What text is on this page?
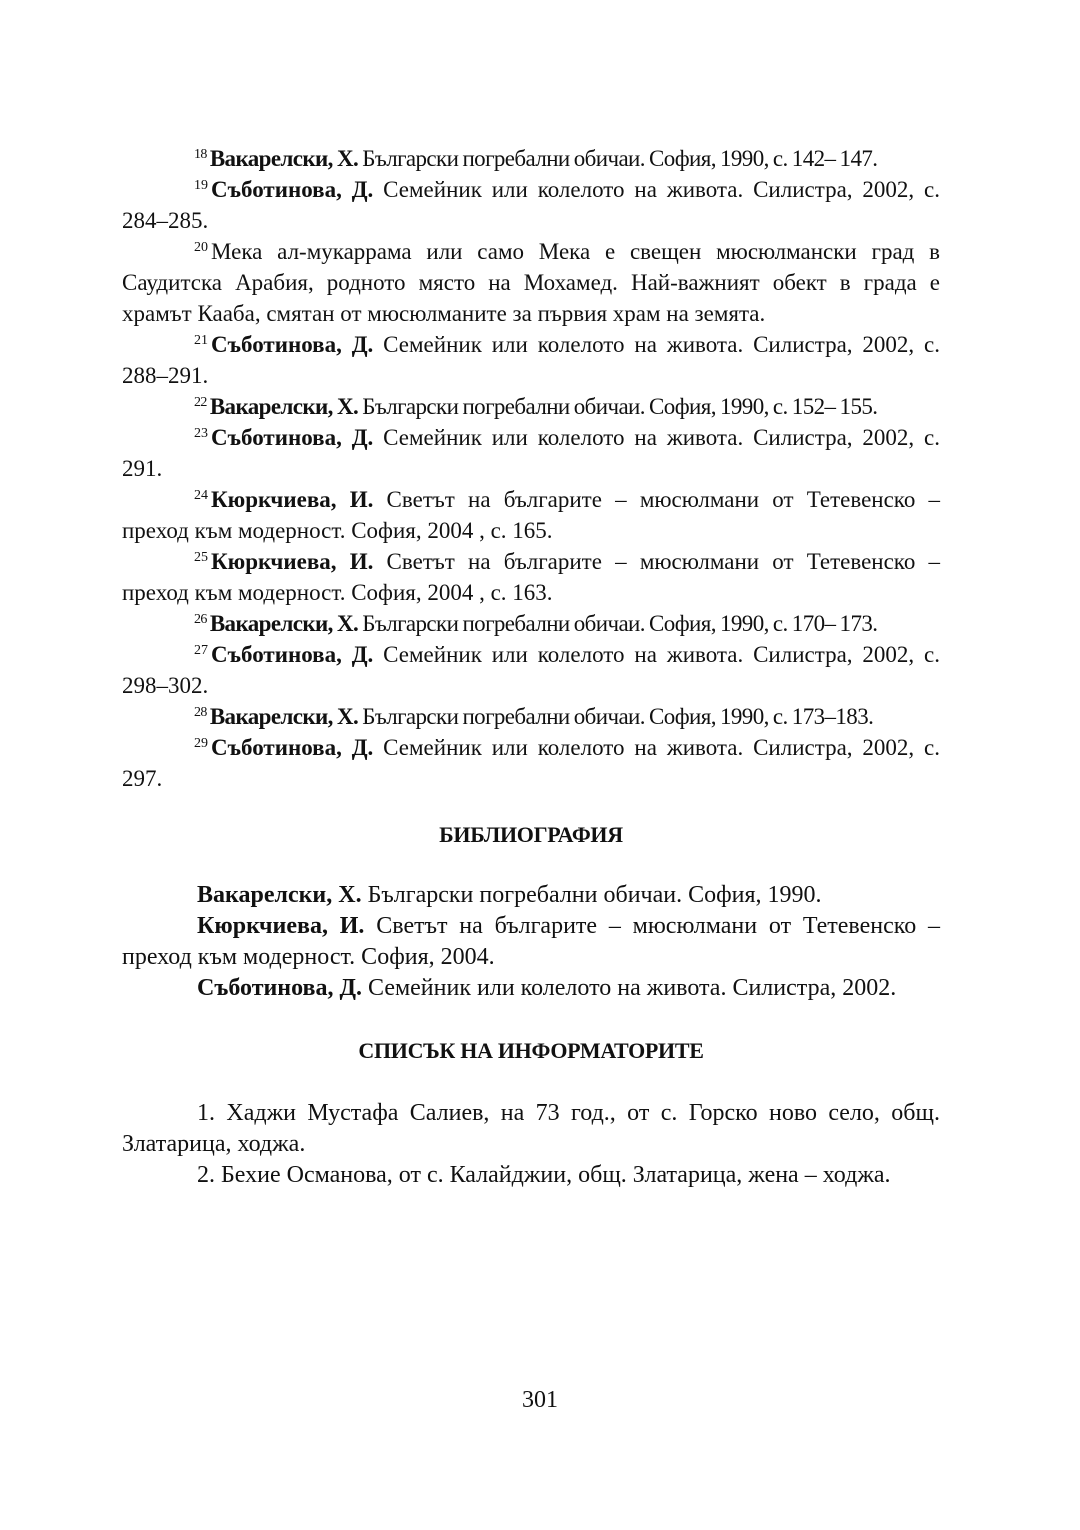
$^{18}$ Вакарелски, Х. Български погребални обичаи. София, 1990, с. 142– 147.

$^{19}$ Съботинова, Д. Семейник или колелото на живота. Силистра, 2002, с. 284–285.

$^{20}$ Мека ал-мукаррама или само Мека е свещен мюсюлмански град в Саудитска Арабия, родното място на Мохамед. Най-важният обект в града е храмът Кааба, смятан от мюсюлманите за първия храм на земята.

$^{21}$ Съботинова, Д. Семейник или колелото на живота. Силистра, 2002, с. 288–291.

$^{22}$ Вакарелски, Х. Български погребални обичаи. София, 1990, с. 152– 155.

$^{23}$ Съботинова, Д. Семейник или колелото на живота. Силистра, 2002, с. 291.

$^{24}$ Кюркчиева, И. Светът на българите – мюсюлмани от Тетевенско – преход към модерност. София, 2004 , с. 165.

$^{25}$ Кюркчиева, И. Светът на българите – мюсюлмани от Тетевенско – преход към модерност. София, 2004 , с. 163.

$^{26}$ Вакарелски, Х. Български погребални обичаи. София, 1990, с. 170– 173.

$^{27}$ Съботинова, Д. Семейник или колелото на живота. Силистра, 2002, с. 298–302.

$^{28}$ Вакарелски, Х. Български погребални обичаи. София, 1990, с. 173–183.

$^{29}$ Съботинова, Д. Семейник или колелото на живота. Силистра, 2002, с. 297.

БИБЛИОГРАФИЯ

Вакарелски, Х. Български погребални обичаи. София, 1990.

Кюркчиева, И. Светът на българите – мюсюлмани от Тетевенско – преход към модерност. София, 2004.

Съботинова, Д. Семейник или колелото на живота. Силистра, 2002.

СПИСЪК НА ИНФОРМАТОРИТЕ

1. Хаджи Мустафа Салиев, на 73 год., от с. Горско ново село, общ. Златарица, ходжа.

2. Бехие Османова, от с. Калайджии, общ. Златарица, жена – ходжа.

301
